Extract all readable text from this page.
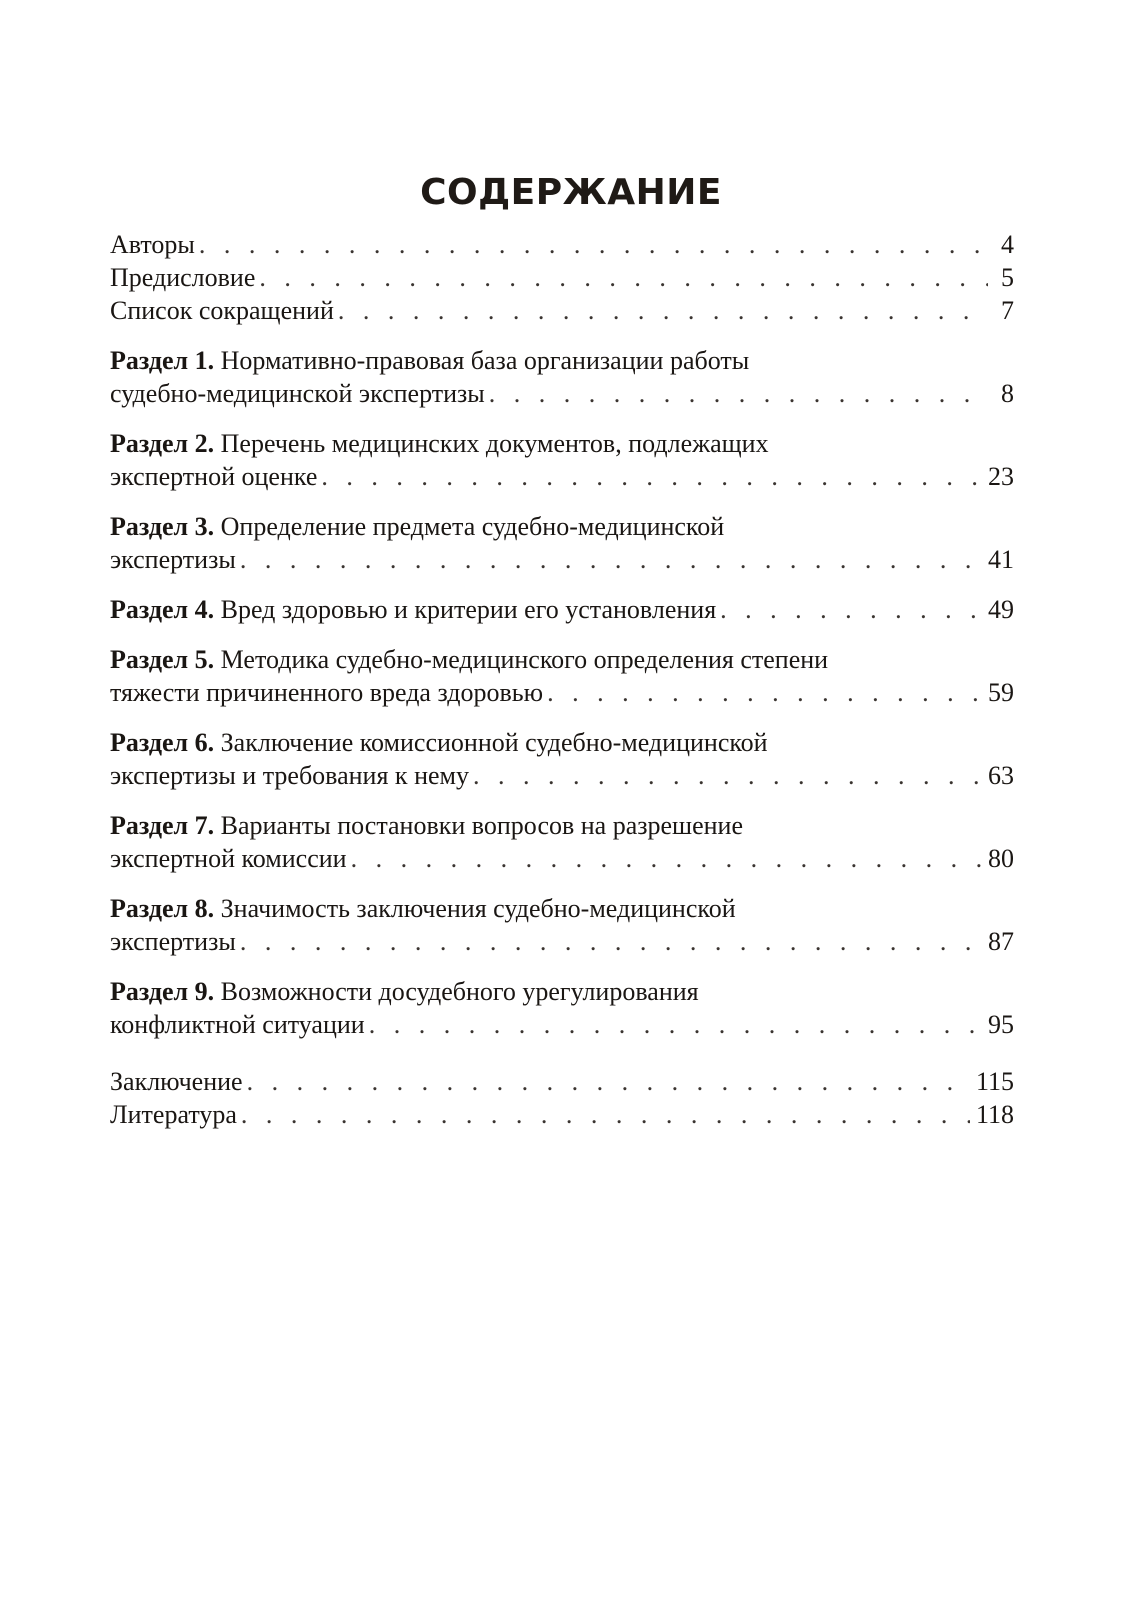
СОДЕРЖАНИЕ
Авторы . . .	4
Предисловие . . .	5
Список сокращений . . .	7
Раздел 1. Нормативно-правовая база организации работы
судебно-медицинской экспертизы . . .	8
Раздел 2. Перечень медицинских документов, подлежащих
экспертной оценке . . .	23
Раздел 3. Определение предмета судебно-медицинской
экспертизы . . .	41
Раздел 4. Вред здоровью и критерии его установления . . .	49
Раздел 5. Методика судебно-медицинского определения степени
тяжести причиненного вреда здоровью . . .	59
Раздел 6. Заключение комиссионной судебно-медицинской
экспертизы и требования к нему . . .	63
Раздел 7. Варианты постановки вопросов на разрешение
экспертной комиссии . . .	80
Раздел 8. Значимость заключения судебно-медицинской
экспертизы . . .	87
Раздел 9. Возможности досудебного урегулирования
конфликтной ситуации . . .	95
Заключение . . .	115
Литература . . .	118
